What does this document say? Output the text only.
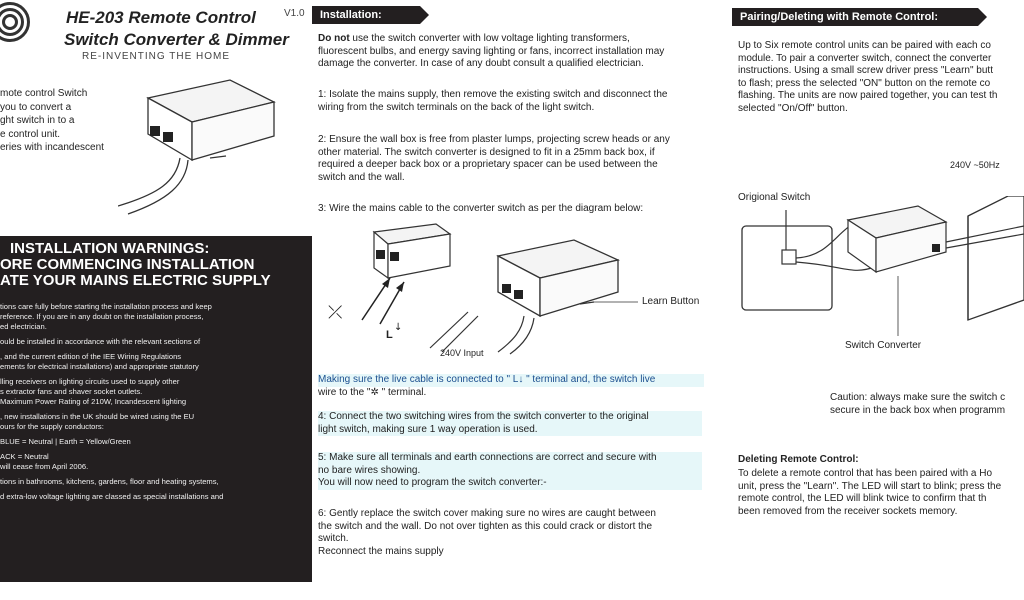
HE-203 Remote Control
Switch Converter & Dimmer
RE-INVENTING THE HOME
V1.0
mote control Switch
you to convert a
ght switch in to a
e control unit.
eries with incandescent
INSTALLATION WARNINGS:
ORE COMMENCING INSTALLATION
ATE YOUR MAINS ELECTRIC SUPPLY
tions care fully before starting the installation process and keep
reference. If you are in any doubt on the installation process,
ed electrician.
ould be installed in accordance with the relevant sections of
, and the current edition of the IEE Wiring Regulations
ements for electrical installations) and appropriate statutory
lling receivers on lighting circuits used to supply other
s extractor fans and shaver socket outlets.
Maximum Power Rating of 210W, Incandescent lighting
, new installations in the UK should be wired using the EU
ours for the supply conductors:
BLUE = Neutral | Earth = Yellow/Green
ACK = Neutral
will cease from April 2006.
tions in bathrooms, kitchens, gardens, floor and heating systems,
d extra-low voltage lighting are classed as special installations and
Installation:
Do not use the switch converter with low voltage lighting transformers,
fluorescent bulbs, and energy saving lighting or fans, incorrect installation may
damage the converter. In case of any doubt consult a qualified electrician.
1: Isolate the mains supply, then remove the existing switch and disconnect the
wiring from the switch terminals on the back of the light switch.
2: Ensure the wall box is free from plaster lumps, projecting screw heads or any
other material. The switch converter is designed to fit in a 25mm back box, if
required a deeper back box or a proprietary spacer can be used between the
switch and the wall.
3: Wire the mains cable to the converter switch as per the diagram below:
⤫
L
↓
Learn Button
240V Input
Making sure the live cable is connected to " L↓ " terminal and, the switch live
wire to the "✲ " terminal.
4: Connect the two switching wires from the switch converter to the original
light switch, making sure 1 way operation is used.
5: Make sure all terminals and earth connections are correct and secure with
no bare wires showing.
You will now need to program the switch converter:-
6: Gently replace the switch cover making sure no wires are caught between
the switch and the wall. Do not over tighten as this could crack or distort the
switch.
Reconnect the mains supply
Pairing/Deleting with Remote Control:
Up to Six remote control units can be paired with each co
module. To pair a converter switch, connect the converter
instructions. Using a small screw driver press "Learn" butt
to flash; press the selected "ON" button on the remote co
flashing. The units are now paired together, you can test th
selected "On/Off" button.
240V ~50Hz
Origional Switch
Switch Converter
Caution: always make sure the switch c
secure in the back box when programm
Deleting Remote Control:
To delete a remote control that has been paired with a Ho
unit, press the "Learn". The LED will start to blink; press the
remote control, the LED will blink twice to confirm that th
been removed from the receiver sockets memory.
